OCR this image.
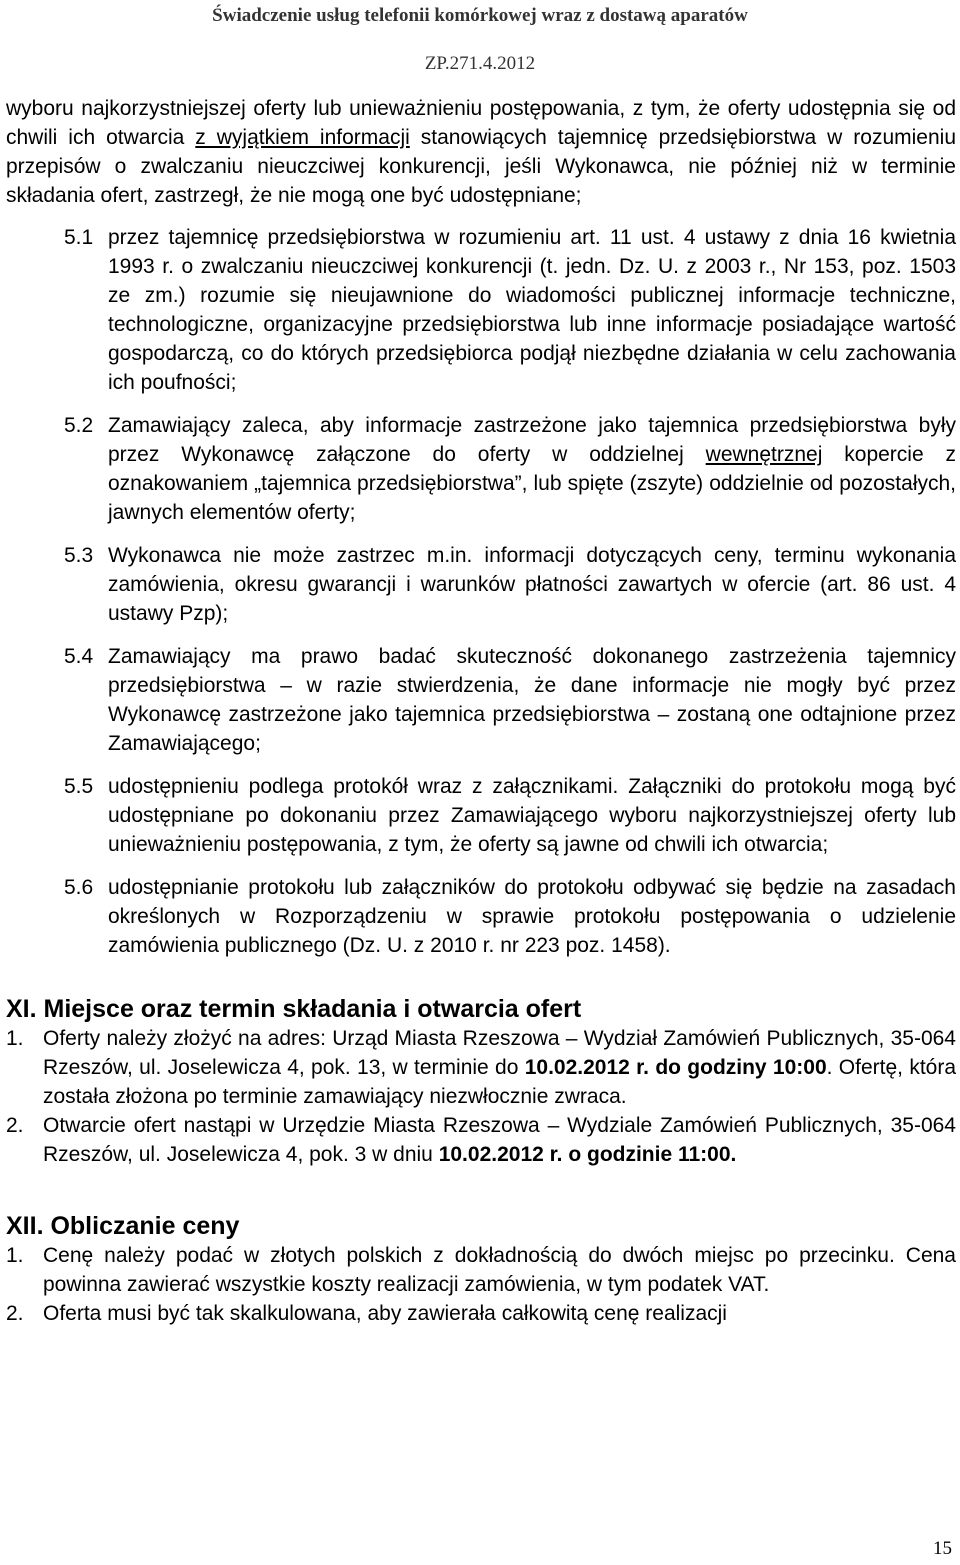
Świadczenie usług telefonii komórkowej wraz z dostawą aparatów
ZP.271.4.2012

wyboru najkorzystniejszej oferty lub unieważnieniu postępowania, z tym, że oferty udostępnia się od chwili ich otwarcia z wyjątkiem informacji stanowiących tajemnicę przedsiębiorstwa w rozumieniu przepisów o zwalczaniu nieuczciwej konkurencji, jeśli Wykonawca, nie później niż w terminie składania ofert, zastrzegł, że nie mogą one być udostępniane;

5.1 przez tajemnicę przedsiębiorstwa w rozumieniu art. 11 ust. 4 ustawy z dnia 16 kwietnia 1993 r. o zwalczaniu nieuczciwej konkurencji (t. jedn. Dz. U. z 2003 r., Nr 153, poz. 1503 ze zm.) rozumie się nieujawnione do wiadomości publicznej informacje techniczne, technologiczne, organizacyjne przedsiębiorstwa lub inne informacje posiadające wartość gospodarczą, co do których przedsiębiorca podjął niezbędne działania w celu zachowania ich poufności;
5.2 Zamawiający zaleca, aby informacje zastrzeżone jako tajemnica przedsiębiorstwa były przez Wykonawcę załączone do oferty w oddzielnej wewnętrznej kopercie z oznakowaniem „tajemnica przedsiębiorstwa”, lub spięte (zszyte) oddzielnie od pozostałych, jawnych elementów oferty;
5.3 Wykonawca nie może zastrzec m.in. informacji dotyczących ceny, terminu wykonania zamówienia, okresu gwarancji i warunków płatności zawartych w ofercie (art. 86 ust. 4 ustawy Pzp);
5.4 Zamawiający ma prawo badać skuteczność dokonanego zastrzeżenia tajemnicy przedsiębiorstwa – w razie stwierdzenia, że dane informacje nie mogły być przez Wykonawcę zastrzeżone jako tajemnica przedsiębiorstwa – zostaną one odtajnione przez Zamawiającego;
5.5 udostępnieniu podlega protokół wraz z załącznikami. Załączniki do protokołu mogą być udostępniane po dokonaniu przez Zamawiającego wyboru najkorzystniejszej oferty lub unieważnieniu postępowania, z tym, że oferty są jawne od chwili ich otwarcia;
5.6 udostępnianie protokołu lub załączników do protokołu odbywać się będzie na zasadach określonych w Rozporządzeniu w sprawie protokołu postępowania o udzielenie zamówienia publicznego (Dz. U. z 2010 r. nr 223 poz. 1458).
XI. Miejsce oraz termin składania i otwarcia ofert
1. Oferty należy złożyć na adres: Urząd Miasta Rzeszowa – Wydział Zamówień Publicznych, 35-064 Rzeszów, ul. Joselewicza 4, pok. 13, w terminie do 10.02.2012 r. do godziny 10:00. Ofertę, która została złożona po terminie zamawiający niezwłocznie zwraca.
2. Otwarcie ofert nastąpi w Urzędzie Miasta Rzeszowa – Wydziale Zamówień Publicznych, 35-064 Rzeszów, ul. Joselewicza 4, pok. 3 w dniu 10.02.2012 r. o godzinie 11:00.
XII. Obliczanie ceny
1. Cenę należy podać w złotych polskich z dokładnością do dwóch miejsc po przecinku. Cena powinna zawierać wszystkie koszty realizacji zamówienia, w tym podatek VAT.
2. Oferta musi być tak skalkulowana, aby zawierała całkowitą cenę realizacji
15
